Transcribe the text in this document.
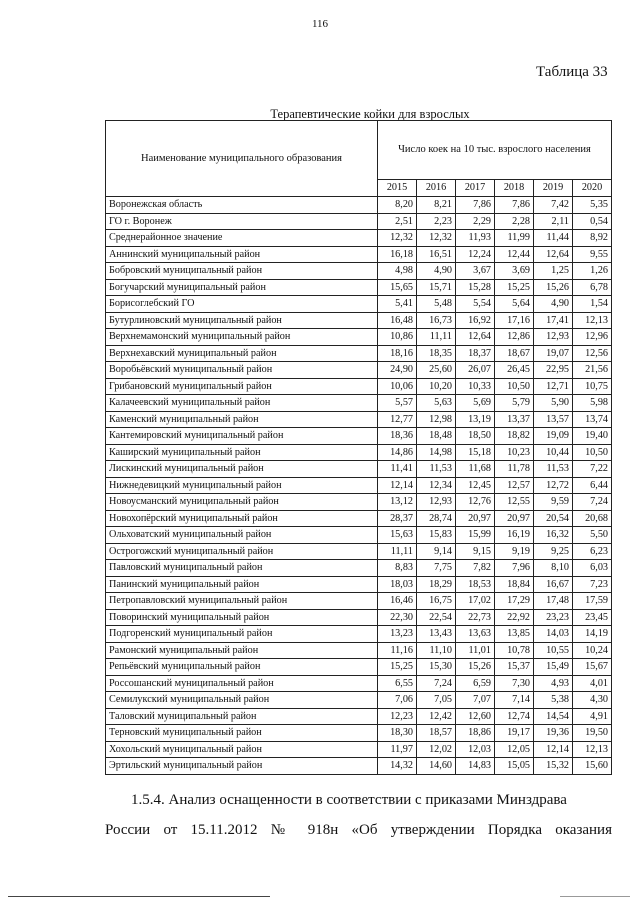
116
Таблица 33
Терапевтические койки для взрослых
Наименование муниципального образования	Число коек на 10 тыс. взрослого населения					
	2015	2016	2017	2018	2019	2020
Воронежская область	8,20	8,21	7,86	7,86	7,42	5,35
ГО г. Воронеж	2,51	2,23	2,29	2,28	2,11	0,54
Среднерайонное значение	12,32	12,32	11,93	11,99	11,44	8,92
Аннинский муниципальный район	16,18	16,51	12,24	12,44	12,64	9,55
Бобровский муниципальный район	4,98	4,90	3,67	3,69	1,25	1,26
Богучарский муниципальный район	15,65	15,71	15,28	15,25	15,26	6,78
Борисоглебский ГО	5,41	5,48	5,54	5,64	4,90	1,54
Бутурлиновский муниципальный район	16,48	16,73	16,92	17,16	17,41	12,13
Верхнемамонский муниципальный район	10,86	11,11	12,64	12,86	12,93	12,96
Верхнехавский муниципальный район	18,16	18,35	18,37	18,67	19,07	12,56
Воробьёвский муниципальный район	24,90	25,60	26,07	26,45	22,95	21,56
Грибановский муниципальный район	10,06	10,20	10,33	10,50	12,71	10,75
Калачеевский муниципальный район	5,57	5,63	5,69	5,79	5,90	5,98
Каменский муниципальный район	12,77	12,98	13,19	13,37	13,57	13,74
Кантемировский муниципальный район	18,36	18,48	18,50	18,82	19,09	19,40
Каширский муниципальный район	14,86	14,98	15,18	10,23	10,44	10,50
Лискинский муниципальный район	11,41	11,53	11,68	11,78	11,53	7,22
Нижнедевицкий муниципальный район	12,14	12,34	12,45	12,57	12,72	6,44
Новоусманский муниципальный район	13,12	12,93	12,76	12,55	9,59	7,24
Новохопёрский муниципальный район	28,37	28,74	20,97	20,97	20,54	20,68
Ольховатский муниципальный район	15,63	15,83	15,99	16,19	16,32	5,50
Острогожский муниципальный район	11,11	9,14	9,15	9,19	9,25	6,23
Павловский муниципальный район	8,83	7,75	7,82	7,96	8,10	6,03
Панинский муниципальный район	18,03	18,29	18,53	18,84	16,67	7,23
Петропавловский муниципальный район	16,46	16,75	17,02	17,29	17,48	17,59
Поворинский муниципальный район	22,30	22,54	22,73	22,92	23,23	23,45
Подгоренский муниципальный район	13,23	13,43	13,63	13,85	14,03	14,19
Рамонский муниципальный район	11,16	11,10	11,01	10,78	10,55	10,24
Репьёвский муниципальный район	15,25	15,30	15,26	15,37	15,49	15,67
Россошанский муниципальный район	6,55	7,24	6,59	7,30	4,93	4,01
Семилукский муниципальный район	7,06	7,05	7,07	7,14	5,38	4,30
Таловский муниципальный район	12,23	12,42	12,60	12,74	14,54	4,91
Терновский муниципальный район	18,30	18,57	18,86	19,17	19,36	19,50
Хохольский муниципальный район	11,97	12,02	12,03	12,05	12,14	12,13
Эртильский муниципальный район	14,32	14,60	14,83	15,05	15,32	15,60
1.5.4. Анализ оснащенности в соответствии с приказами Минздрава
России от 15.11.2012 № 918н «Об утверждении Порядка оказания
